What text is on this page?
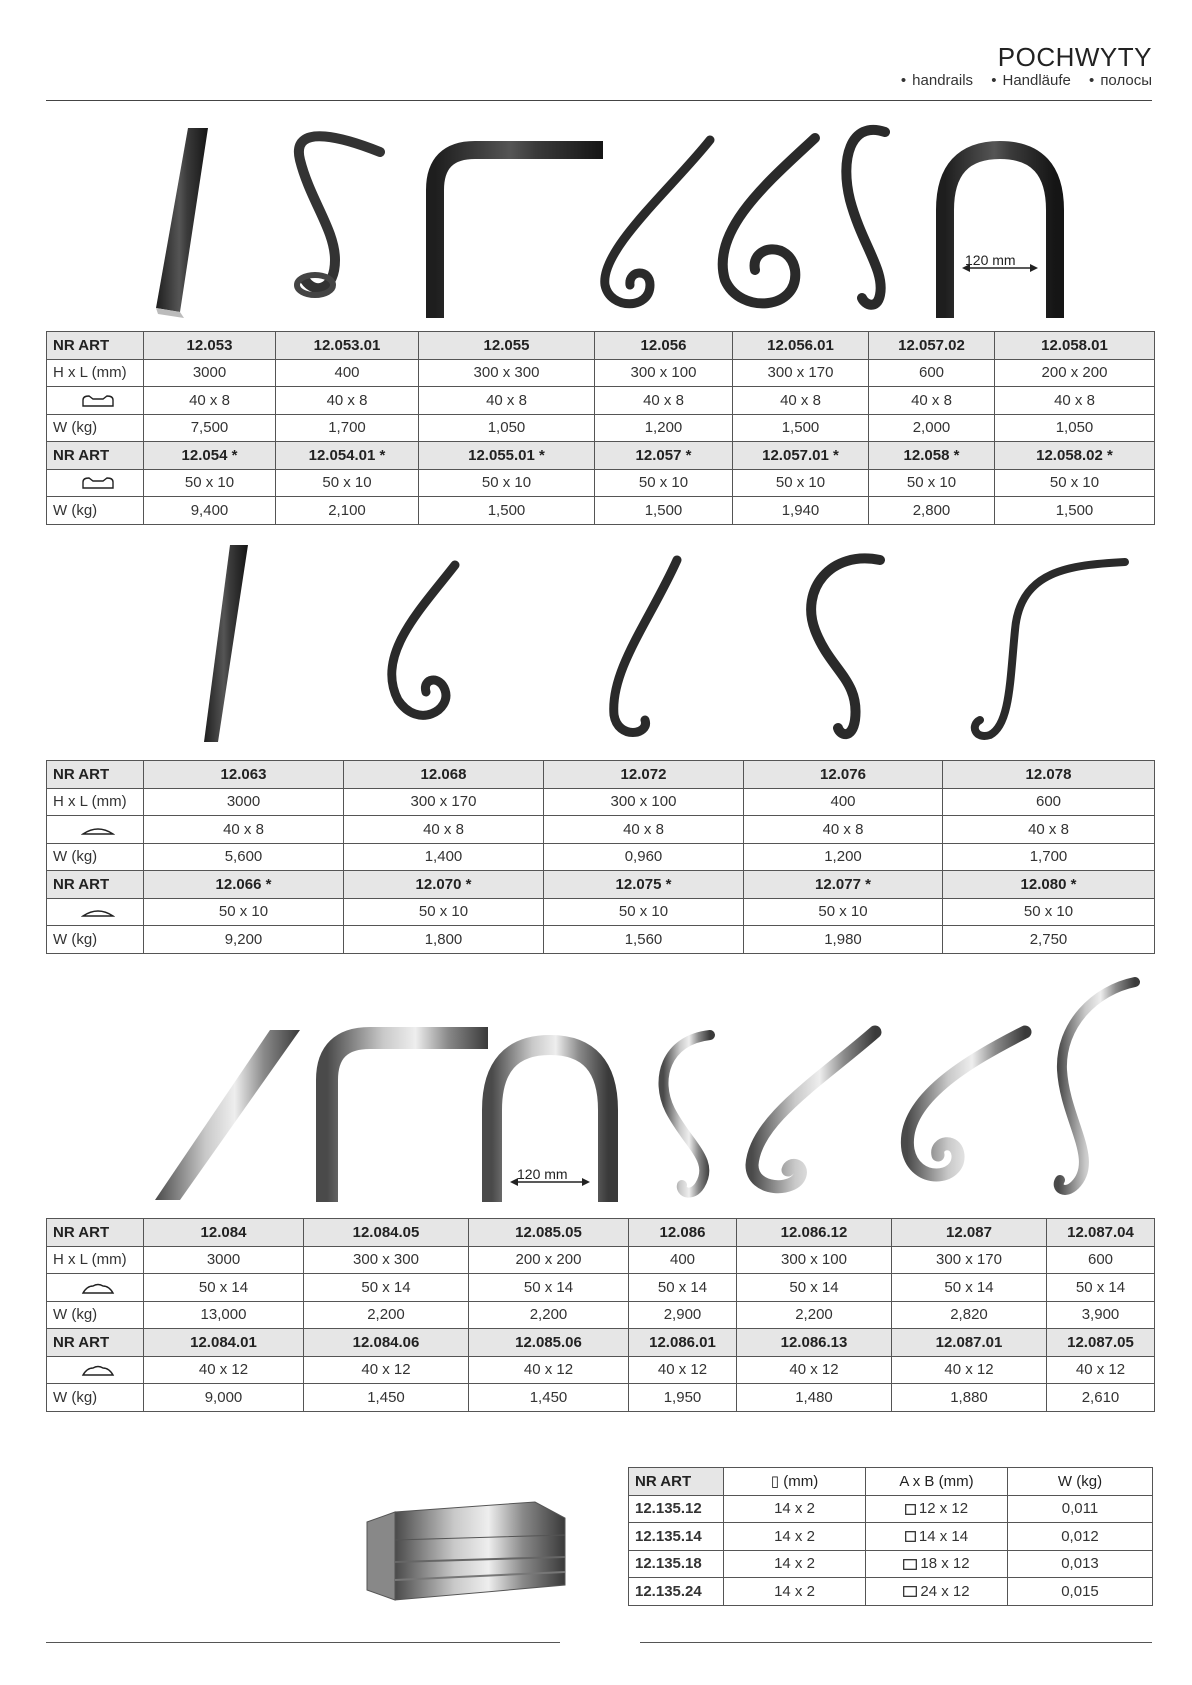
POCHWYTY
• handrails • Handläufe • полосы
120 mm
NR ART	12.053	12.053.01	12.055	12.056	12.056.01	12.057.02	12.058.01
H x L (mm)	3000	400	300 x 300	300 x 100	300 x 170	600	200 x 200
	40 x 8	40 x 8	40 x 8	40 x 8	40 x 8	40 x 8	40 x 8
W (kg)	7,500	1,700	1,050	1,200	1,500	2,000	1,050
NR ART	12.054 *	12.054.01 *	12.055.01 *	12.057 *	12.057.01 *	12.058 *	12.058.02 *
	50 x 10	50 x 10	50 x 10	50 x 10	50 x 10	50 x 10	50 x 10
W (kg)	9,400	2,100	1,500	1,500	1,940	2,800	1,500
NR ART	12.063	12.068	12.072	12.076	12.078
H x L (mm)	3000	300 x 170	300 x 100	400	600
	40 x 8	40 x 8	40 x 8	40 x 8	40 x 8
W (kg)	5,600	1,400	0,960	1,200	1,700
NR ART	12.066 *	12.070 *	12.075 *	12.077 *	12.080 *
	50 x 10	50 x 10	50 x 10	50 x 10	50 x 10
W (kg)	9,200	1,800	1,560	1,980	2,750
120 mm
NR ART	12.084	12.084.05	12.085.05	12.086	12.086.12	12.087	12.087.04
H x L (mm)	3000	300 x 300	200 x 200	400	300 x 100	300 x 170	600
	50 x 14	50 x 14	50 x 14	50 x 14	50 x 14	50 x 14	50 x 14
W (kg)	13,000	2,200	2,200	2,900	2,200	2,820	3,900
NR ART	12.084.01	12.084.06	12.085.06	12.086.01	12.086.13	12.087.01	12.087.05
	40 x 12	40 x 12	40 x 12	40 x 12	40 x 12	40 x 12	40 x 12
W (kg)	9,000	1,450	1,450	1,950	1,480	1,880	2,610
NR ART	▯ (mm)	A x B (mm)	W (kg)
12.135.12	14 x 2	12 x 12	0,011
12.135.14	14 x 2	14 x 14	0,012
12.135.18	14 x 2	18 x 12	0,013
12.135.24	14 x 2	24 x 12	0,015
